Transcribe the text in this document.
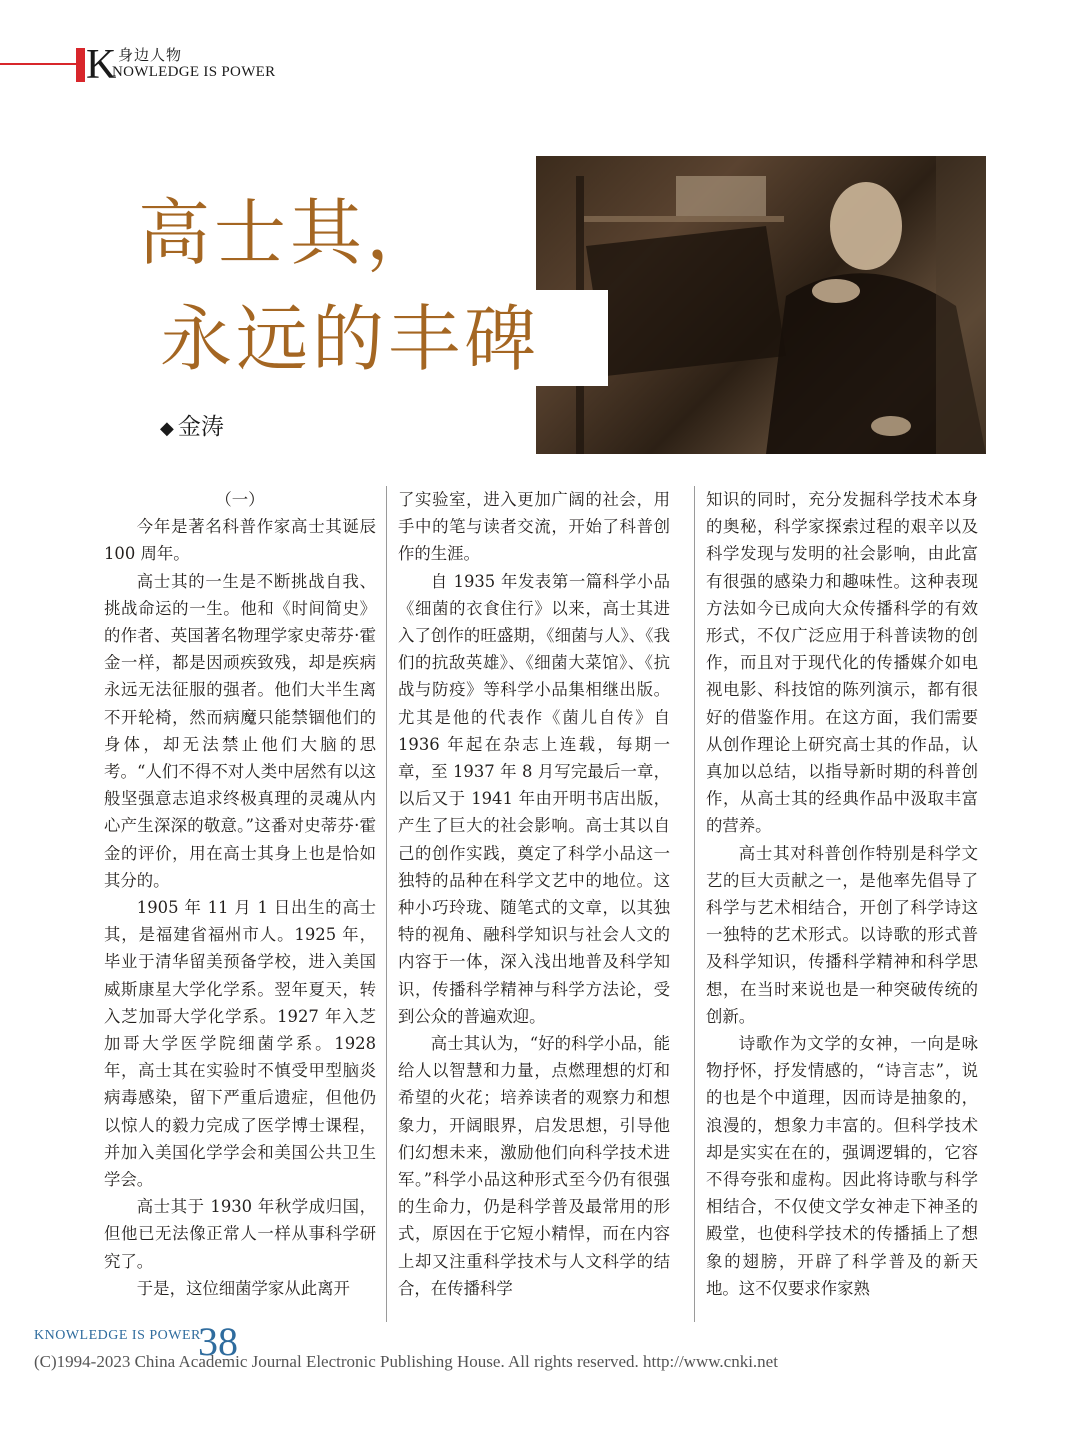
K 身边人物
NOWLEDGE IS POWER
高士其，
永远的丰碑
◆ 金涛

（一）

今年是著名科普作家高士其诞辰 100 周年。

高士其的一生是不断挑战自我、挑战命运的一生。他和《时间简史》的作者、英国著名物理学家史蒂芬·霍金一样，都是因顽疾致残，却是疾病永远无法征服的强者。他们大半生离不开轮椅，然而病魔只能禁锢他们的身体，却无法禁止他们大脑的思考。“人们不得不对人类中居然有以这般坚强意志追求终极真理的灵魂从内心产生深深的敬意。”这番对史蒂芬·霍金的评价，用在高士其身上也是恰如其分的。

1905 年 11 月 1 日出生的高士其，是福建省福州市人。1925 年，毕业于清华留美预备学校，进入美国威斯康星大学化学系。翌年夏天，转入芝加哥大学化学系。1927 年入芝加哥大学医学院细菌学系。1928 年，高士其在实验时不慎受甲型脑炎病毒感染，留下严重后遗症，但他仍以惊人的毅力完成了医学博士课程，并加入美国化学学会和美国公共卫生学会。

高士其于 1930 年秋学成归国，但他已无法像正常人一样从事科学研究了。

于是，这位细菌学家从此离开

了实验室，进入更加广阔的社会，用手中的笔与读者交流，开始了科普创作的生涯。

自 1935 年发表第一篇科学小品《细菌的衣食住行》以来，高士其进入了创作的旺盛期，《细菌与人》、《我们的抗敌英雄》、《细菌大菜馆》、《抗战与防疫》等科学小品集相继出版。尤其是他的代表作《菌儿自传》自 1936 年起在杂志上连载，每期一章，至 1937 年 8 月写完最后一章，以后又于 1941 年由开明书店出版，产生了巨大的社会影响。高士其以自己的创作实践，奠定了科学小品这一独特的品种在科学文艺中的地位。这种小巧玲珑、随笔式的文章，以其独特的视角、融科学知识与社会人文的内容于一体，深入浅出地普及科学知识，传播科学精神与科学方法论，受到公众的普遍欢迎。

高士其认为，“好的科学小品，能给人以智慧和力量，点燃理想的灯和希望的火花；培养读者的观察力和想象力，开阔眼界，启发思想，引导他们幻想未来，激励他们向科学技术进军。”科学小品这种形式至今仍有很强的生命力，仍是科学普及最常用的形式，原因在于它短小精悍，而在内容上却又注重科学技术与人文科学的结合，在传播科学

知识的同时，充分发掘科学技术本身的奥秘，科学家探索过程的艰辛以及科学发现与发明的社会影响，由此富有很强的感染力和趣味性。这种表现方法如今已成向大众传播科学的有效形式，不仅广泛应用于科普读物的创作，而且对于现代化的传播媒介如电视电影、科技馆的陈列演示，都有很好的借鉴作用。在这方面，我们需要从创作理论上研究高士其的作品，认真加以总结，以指导新时期的科普创作，从高士其的经典作品中汲取丰富的营养。

高士其对科普创作特别是科学文艺的巨大贡献之一，是他率先倡导了科学与艺术相结合，开创了科学诗这一独特的艺术形式。以诗歌的形式普及科学知识，传播科学精神和科学思想，在当时来说也是一种突破传统的创新。

诗歌作为文学的女神，一向是咏物抒怀，抒发情感的，“诗言志”，说的也是个中道理，因而诗是抽象的，浪漫的，想象力丰富的。但科学技术却是实实在在的，强调逻辑的，它容不得夸张和虚构。因此将诗歌与科学相结合，不仅使文学女神走下神圣的殿堂，也使科学技术的传播插上了想象的翅膀，开辟了科学普及的新天地。这不仅要求作家熟

KNOWLEDGE IS POWER
38
(C)1994-2023 China Academic Journal Electronic Publishing House. All rights reserved. http://www.cnki.net
